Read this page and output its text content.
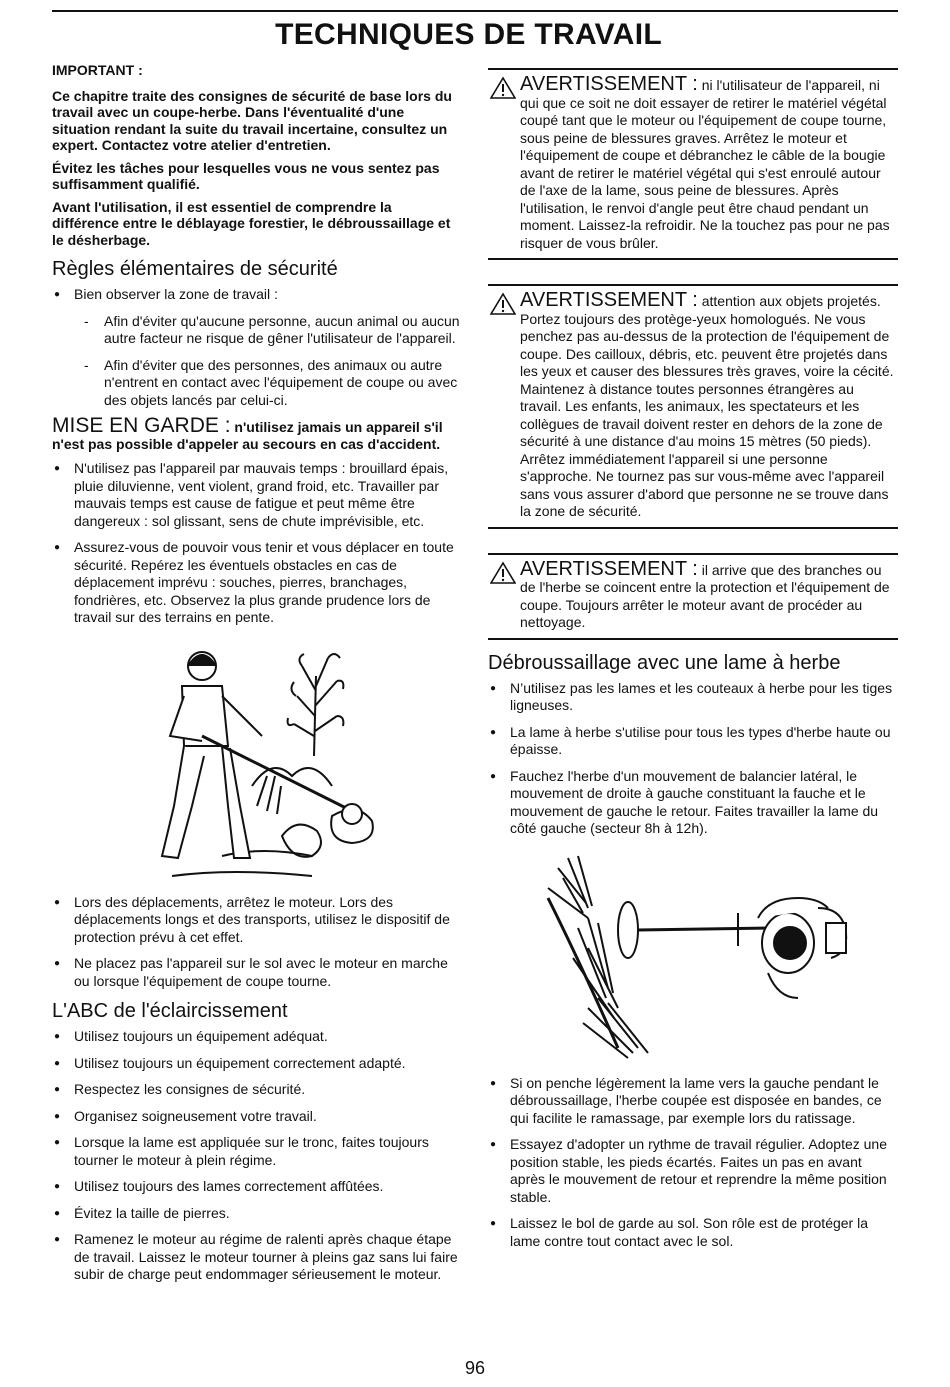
TECHNIQUES DE TRAVAIL

IMPORTANT :

Ce chapitre traite des consignes de sécurité de base lors du travail avec un coupe-herbe. Dans l'éventualité d'une situation rendant la suite du travail incertaine, consultez un expert. Contactez votre atelier d'entretien.

Évitez les tâches pour lesquelles vous ne vous sentez pas suffisamment qualifié.

Avant l'utilisation, il est essentiel de comprendre la différence entre le déblayage forestier, le débroussaillage et le désherbage.

Règles élémentaires de sécurité
● Bien observer la zone de travail :
- Afin d'éviter qu'aucune personne, aucun animal ou aucun autre facteur ne risque de gêner l'utilisateur de l'appareil.
- Afin d'éviter que des personnes, des animaux ou autre n'entrent en contact avec l'équipement de coupe ou avec des objets lancés par celui-ci.
MISE EN GARDE : n'utilisez jamais un appareil s'il n'est pas possible d'appeler au secours en cas d'accident.
● N'utilisez pas l'appareil par mauvais temps : brouillard épais, pluie diluvienne, vent violent, grand froid, etc. Travailler par mauvais temps est cause de fatigue et peut même être dangereux : sol glissant, sens de chute imprévisible, etc.
● Assurez-vous de pouvoir vous tenir et vous déplacer en toute sécurité. Repérez les éventuels obstacles en cas de déplacement imprévu : souches, pierres, branchages, fondrières, etc. Observez la plus grande prudence lors de travail sur des terrains en pente.
● Lors des déplacements, arrêtez le moteur. Lors des déplacements longs et des transports, utilisez le dispositif de protection prévu à cet effet.
● Ne placez pas l'appareil sur le sol avec le moteur en marche ou lorsque l'équipement de coupe tourne.
L'ABC de l'éclaircissement
● Utilisez toujours un équipement adéquat.
● Utilisez toujours un équipement correctement adapté.
● Respectez les consignes de sécurité.
● Organisez soigneusement votre travail.
● Lorsque la lame est appliquée sur le tronc, faites toujours tourner le moteur à plein régime.
● Utilisez toujours des lames correctement affûtées.
● Évitez la taille de pierres.
● Ramenez le moteur au régime de ralenti après chaque étape de travail. Laissez le moteur tourner à pleins gaz sans lui faire subir de charge peut endommager sérieusement le moteur.
AVERTISSEMENT : ni l'utilisateur de l'appareil, ni qui que ce soit ne doit essayer de retirer le matériel végétal coupé tant que le moteur ou l'équipement de coupe tourne, sous peine de blessures graves. Arrêtez le moteur et l'équipement de coupe et débranchez le câble de la bougie avant de retirer le matériel végétal qui s'est enroulé autour de l'axe de la lame, sous peine de blessures. Après l'utilisation, le renvoi d'angle peut être chaud pendant un moment. Laissez-la refroidir. Ne la touchez pas pour ne pas risquer de vous brûler.
AVERTISSEMENT : attention aux objets projetés. Portez toujours des protège-yeux homologués. Ne vous penchez pas au-dessus de la protection de l'équipement de coupe. Des cailloux, débris, etc. peuvent être projetés dans les yeux et causer des blessures très graves, voire la cécité. Maintenez à distance toutes personnes étrangères au travail. Les enfants, les animaux, les spectateurs et les collègues de travail doivent rester en dehors de la zone de sécurité à une distance d'au moins 15 mètres (50 pieds). Arrêtez immédiatement l'appareil si une personne s'approche. Ne tournez pas sur vous-même avec l'appareil sans vous assurer d'abord que personne ne se trouve dans la zone de sécurité.
AVERTISSEMENT : il arrive que des branches ou de l'herbe se coincent entre la protection et l'équipement de coupe. Toujours arrêter le moteur avant de procéder au nettoyage.
Débroussaillage avec une lame à herbe
● N’utilisez pas les lames et les couteaux à herbe pour les tiges ligneuses.
● La lame à herbe s'utilise pour tous les types d'herbe haute ou épaisse.
● Fauchez l'herbe d'un mouvement de balancier latéral, le mouvement de droite à gauche constituant la fauche et le mouvement de gauche le retour. Faites travailler la lame du côté gauche (secteur 8h à 12h).
● Si on penche légèrement la lame vers la gauche pendant le débroussaillage, l'herbe coupée est disposée en bandes, ce qui facilite le ramassage, par exemple lors du ratissage.
● Essayez d'adopter un rythme de travail régulier. Adoptez une position stable, les pieds écartés. Faites un pas en avant après le mouvement de retour et reprendre la même position stable.
● Laissez le bol de garde au sol. Son rôle est de protéger la lame contre tout contact avec le sol.
96
